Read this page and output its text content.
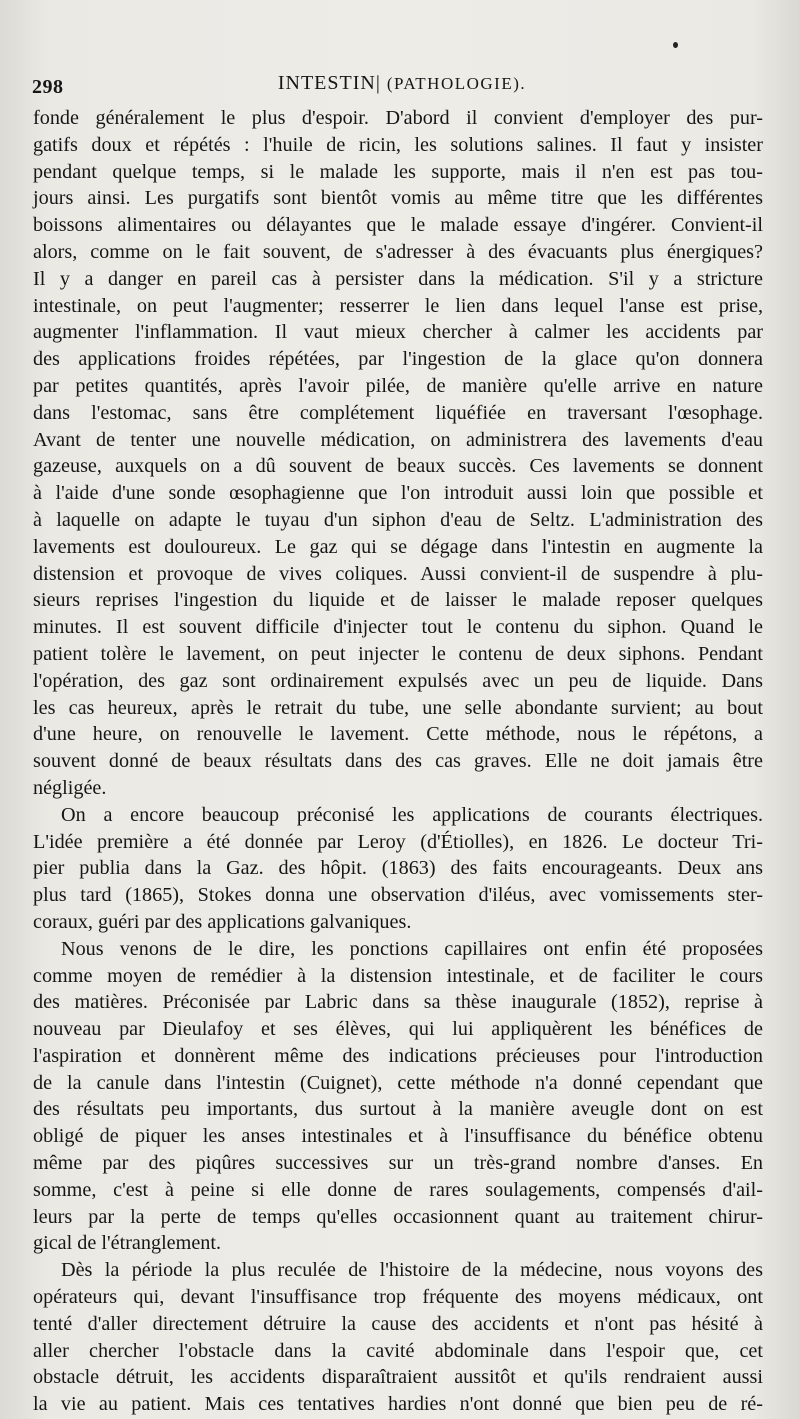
298	INTESTIN| (PATHOLOGIE).
fonde généralement le plus d'espoir. D'abord il convient d'employer des pur-
gatifs doux et répétés : l'huile de ricin, les solutions salines. Il faut y insister
pendant quelque temps, si le malade les supporte, mais il n'en est pas tou-
jours ainsi. Les purgatifs sont bientôt vomis au même titre que les différentes
boissons alimentaires ou délayantes que le malade essaye d'ingérer. Convient-il
alors, comme on le fait souvent, de s'adresser à des évacuants plus énergiques?
Il y a danger en pareil cas à persister dans la médication. S'il y a stricture
intestinale, on peut l'augmenter; resserrer le lien dans lequel l'anse est prise,
augmenter l'inflammation. Il vaut mieux chercher à calmer les accidents par
des applications froides répétées, par l'ingestion de la glace qu'on donnera
par petites quantités, après l'avoir pilée, de manière qu'elle arrive en nature
dans l'estomac, sans être complétement liquéfiée en traversant l'œsophage.
Avant de tenter une nouvelle médication, on administrera des lavements d'eau
gazeuse, auxquels on a dû souvent de beaux succès. Ces lavements se donnent
à l'aide d'une sonde œsophagienne que l'on introduit aussi loin que possible et
à laquelle on adapte le tuyau d'un siphon d'eau de Seltz. L'administration des
lavements est douloureux. Le gaz qui se dégage dans l'intestin en augmente la
distension et provoque de vives coliques. Aussi convient-il de suspendre à plu-
sieurs reprises l'ingestion du liquide et de laisser le malade reposer quelques
minutes. Il est souvent difficile d'injecter tout le contenu du siphon. Quand le
patient tolère le lavement, on peut injecter le contenu de deux siphons. Pendant
l'opération, des gaz sont ordinairement expulsés avec un peu de liquide. Dans
les cas heureux, après le retrait du tube, une selle abondante survient; au bout
d'une heure, on renouvelle le lavement. Cette méthode, nous le répétons, a
souvent donné de beaux résultats dans des cas graves. Elle ne doit jamais être
négligée.
On a encore beaucoup préconisé les applications de courants électriques.
L'idée première a été donnée par Leroy (d'Étiolles), en 1826. Le docteur Tri-
pier publia dans la Gaz. des hôpit. (1863) des faits encourageants. Deux ans
plus tard (1865), Stokes donna une observation d'iléus, avec vomissements ster-
coraux, guéri par des applications galvaniques.
Nous venons de le dire, les ponctions capillaires ont enfin été proposées
comme moyen de remédier à la distension intestinale, et de faciliter le cours
des matières. Préconisée par Labric dans sa thèse inaugurale (1852), reprise à
nouveau par Dieulafoy et ses élèves, qui lui appliquèrent les bénéfices de
l'aspiration et donnèrent même des indications précieuses pour l'introduction
de la canule dans l'intestin (Cuignet), cette méthode n'a donné cependant que
des résultats peu importants, dus surtout à la manière aveugle dont on est
obligé de piquer les anses intestinales et à l'insuffisance du bénéfice obtenu
même par des piqûres successives sur un très-grand nombre d'anses. En
somme, c'est à peine si elle donne de rares soulagements, compensés d'ail-
leurs par la perte de temps qu'elles occasionnent quant au traitement chirur-
gical de l'étranglement.
Dès la période la plus reculée de l'histoire de la médecine, nous voyons des
opérateurs qui, devant l'insuffisance trop fréquente des moyens médicaux, ont
tenté d'aller directement détruire la cause des accidents et n'ont pas hésité à
aller chercher l'obstacle dans la cavité abdominale dans l'espoir que, cet
obstacle détruit, les accidents disparaîtraient aussitôt et qu'ils rendraient aussi
la vie au patient. Mais ces tentatives hardies n'ont donné que bien peu de ré-
